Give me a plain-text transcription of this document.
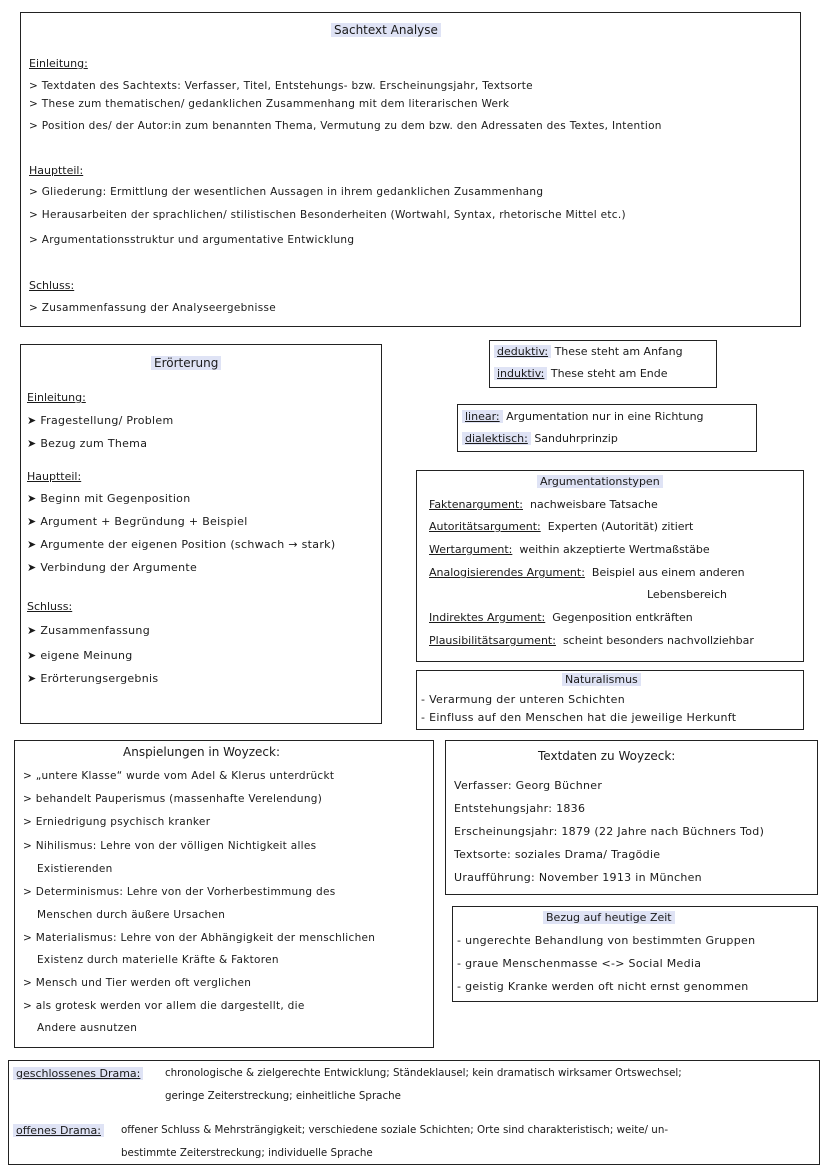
Sachtext Analyse
Einleitung:
> Textdaten des Sachtexts: Verfasser, Titel, Entstehungs- bzw. Erscheinungsjahr, Textsorte
> These zum thematischen/ gedanklichen Zusammenhang mit dem literarischen Werk
> Position des/ der Autor:in zum benannten Thema, Vermutung zu dem bzw. den Adressaten des Textes, Intention
Hauptteil:
> Gliederung: Ermittlung der wesentlichen Aussagen in ihrem gedanklichen Zusammenhang
> Herausarbeiten der sprachlichen/ stilistischen Besonderheiten (Wortwahl, Syntax, rhetorische Mittel etc.)
> Argumentationsstruktur und argumentative Entwicklung
Schluss:
> Zusammenfassung der Analyseergebnisse
Erörterung
Einleitung:
➤ Fragestellung/ Problem
➤ Bezug zum Thema
Hauptteil:
➤ Beginn mit Gegenposition
➤ Argument + Begründung + Beispiel
➤ Argumente der eigenen Position (schwach → stark)
➤ Verbindung der Argumente
Schluss:
➤ Zusammenfassung
➤ eigene Meinung
➤ Erörterungsergebnis
deduktiv: These steht am Anfang
induktiv: These steht am Ende
linear: Argumentation nur in eine Richtung
dialektisch: Sanduhrprinzip
Argumentationstypen
Faktenargument: nachweisbare Tatsache
Autoritätsargument: Experten (Autorität) zitiert
Wertargument: weithin akzeptierte Wertmaßstäbe
Analogisierendes Argument: Beispiel aus einem anderen
Lebensbereich
Indirektes Argument: Gegenposition entkräften
Plausibilitätsargument: scheint besonders nachvollziehbar
Naturalismus
- Verarmung der unteren Schichten
- Einfluss auf den Menschen hat die jeweilige Herkunft
Anspielungen in Woyzeck:
> „untere Klasse“ wurde vom Adel & Klerus unterdrückt
> behandelt Pauperismus (massenhafte Verelendung)
> Erniedrigung psychisch kranker
> Nihilismus: Lehre von der völligen Nichtigkeit alles
Existierenden
> Determinismus: Lehre von der Vorherbestimmung des
Menschen durch äußere Ursachen
> Materialismus: Lehre von der Abhängigkeit der menschlichen
Existenz durch materielle Kräfte & Faktoren
> Mensch und Tier werden oft verglichen
> als grotesk werden vor allem die dargestellt, die
Andere ausnutzen
Textdaten zu Woyzeck:
Verfasser: Georg Büchner
Entstehungsjahr: 1836
Erscheinungsjahr: 1879 (22 Jahre nach Büchners Tod)
Textsorte: soziales Drama/ Tragödie
Uraufführung: November 1913 in München
Bezug auf heutige Zeit
- ungerechte Behandlung von bestimmten Gruppen
- graue Menschenmasse <-> Social Media
- geistig Kranke werden oft nicht ernst genommen
geschlossenes Drama: chronologische & zielgerechte Entwicklung; Ständeklausel; kein dramatisch wirksamer Ortswechsel;
geringe Zeiterstreckung; einheitliche Sprache
offenes Drama: offener Schluss & Mehrsträngigkeit; verschiedene soziale Schichten; Orte sind charakteristisch; weite/ un-
bestimmte Zeiterstreckung; individuelle Sprache
